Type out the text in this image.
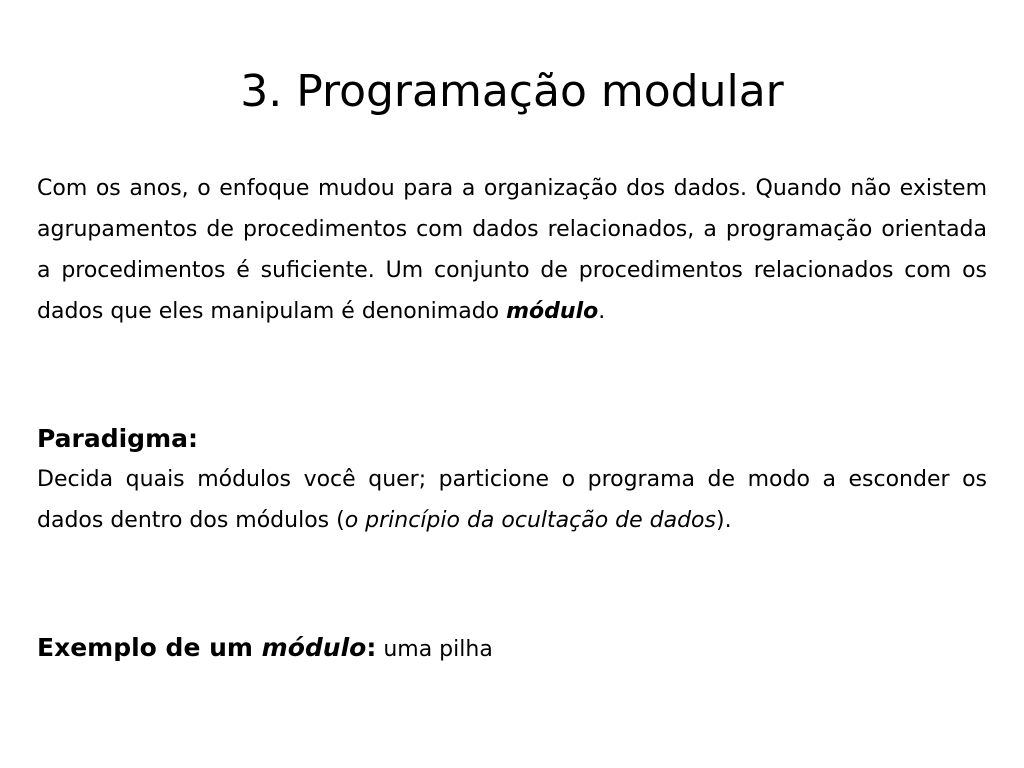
3. Programação modular
Com os anos, o enfoque mudou para a organização dos dados. Quando não existem agrupamentos de procedimentos com dados relacionados, a programação orientada a procedimentos é suficiente. Um conjunto de procedimentos relacionados com os dados que eles manipulam é denonimado módulo.
Paradigma:
Decida quais módulos você quer; particione o programa de modo a esconder os dados dentro dos módulos (o princípio da ocultação de dados).
Exemplo de um módulo: uma pilha
